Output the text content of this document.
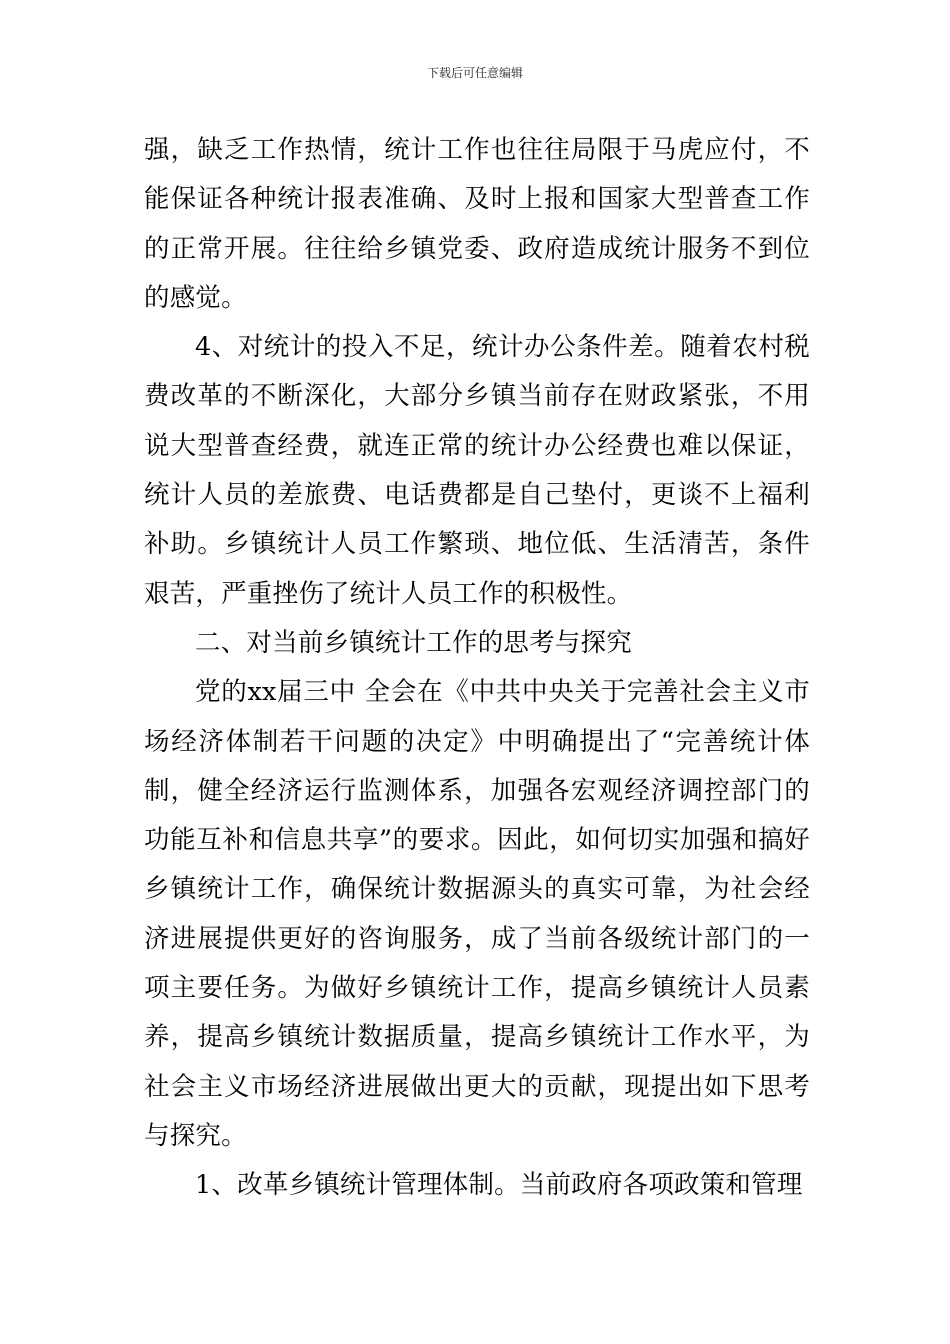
下载后可任意编辑

强，缺乏工作热情，统计工作也往往局限于马虎应付，不能保证各种统计报表准确、及时上报和国家大型普查工作的正常开展。往往给乡镇党委、政府造成统计服务不到位的感觉。

4、对统计的投入不足，统计办公条件差。随着农村税费改革的不断深化，大部分乡镇当前存在财政紧张，不用说大型普查经费，就连正常的统计办公经费也难以保证，统计人员的差旅费、电话费都是自己垫付，更谈不上福利补助。乡镇统计人员工作繁琐、地位低、生活清苦，条件艰苦，严重挫伤了统计人员工作的积极性。

二、对当前乡镇统计工作的思考与探究

党的xx届三中 全会在《中共中央关于完善社会主义市场经济体制若干问题的决定》中明确提出了“完善统计体制，健全经济运行监测体系，加强各宏观经济调控部门的功能互补和信息共享”的要求。因此，如何切实加强和搞好乡镇统计工作，确保统计数据源头的真实可靠，为社会经济进展提供更好的咨询服务，成了当前各级统计部门的一项主要任务。为做好乡镇统计工作，提高乡镇统计人员素养，提高乡镇统计数据质量，提高乡镇统计工作水平，为社会主义市场经济进展做出更大的贡献，现提出如下思考与探究。

1、改革乡镇统计管理体制。当前政府各项政策和管理
